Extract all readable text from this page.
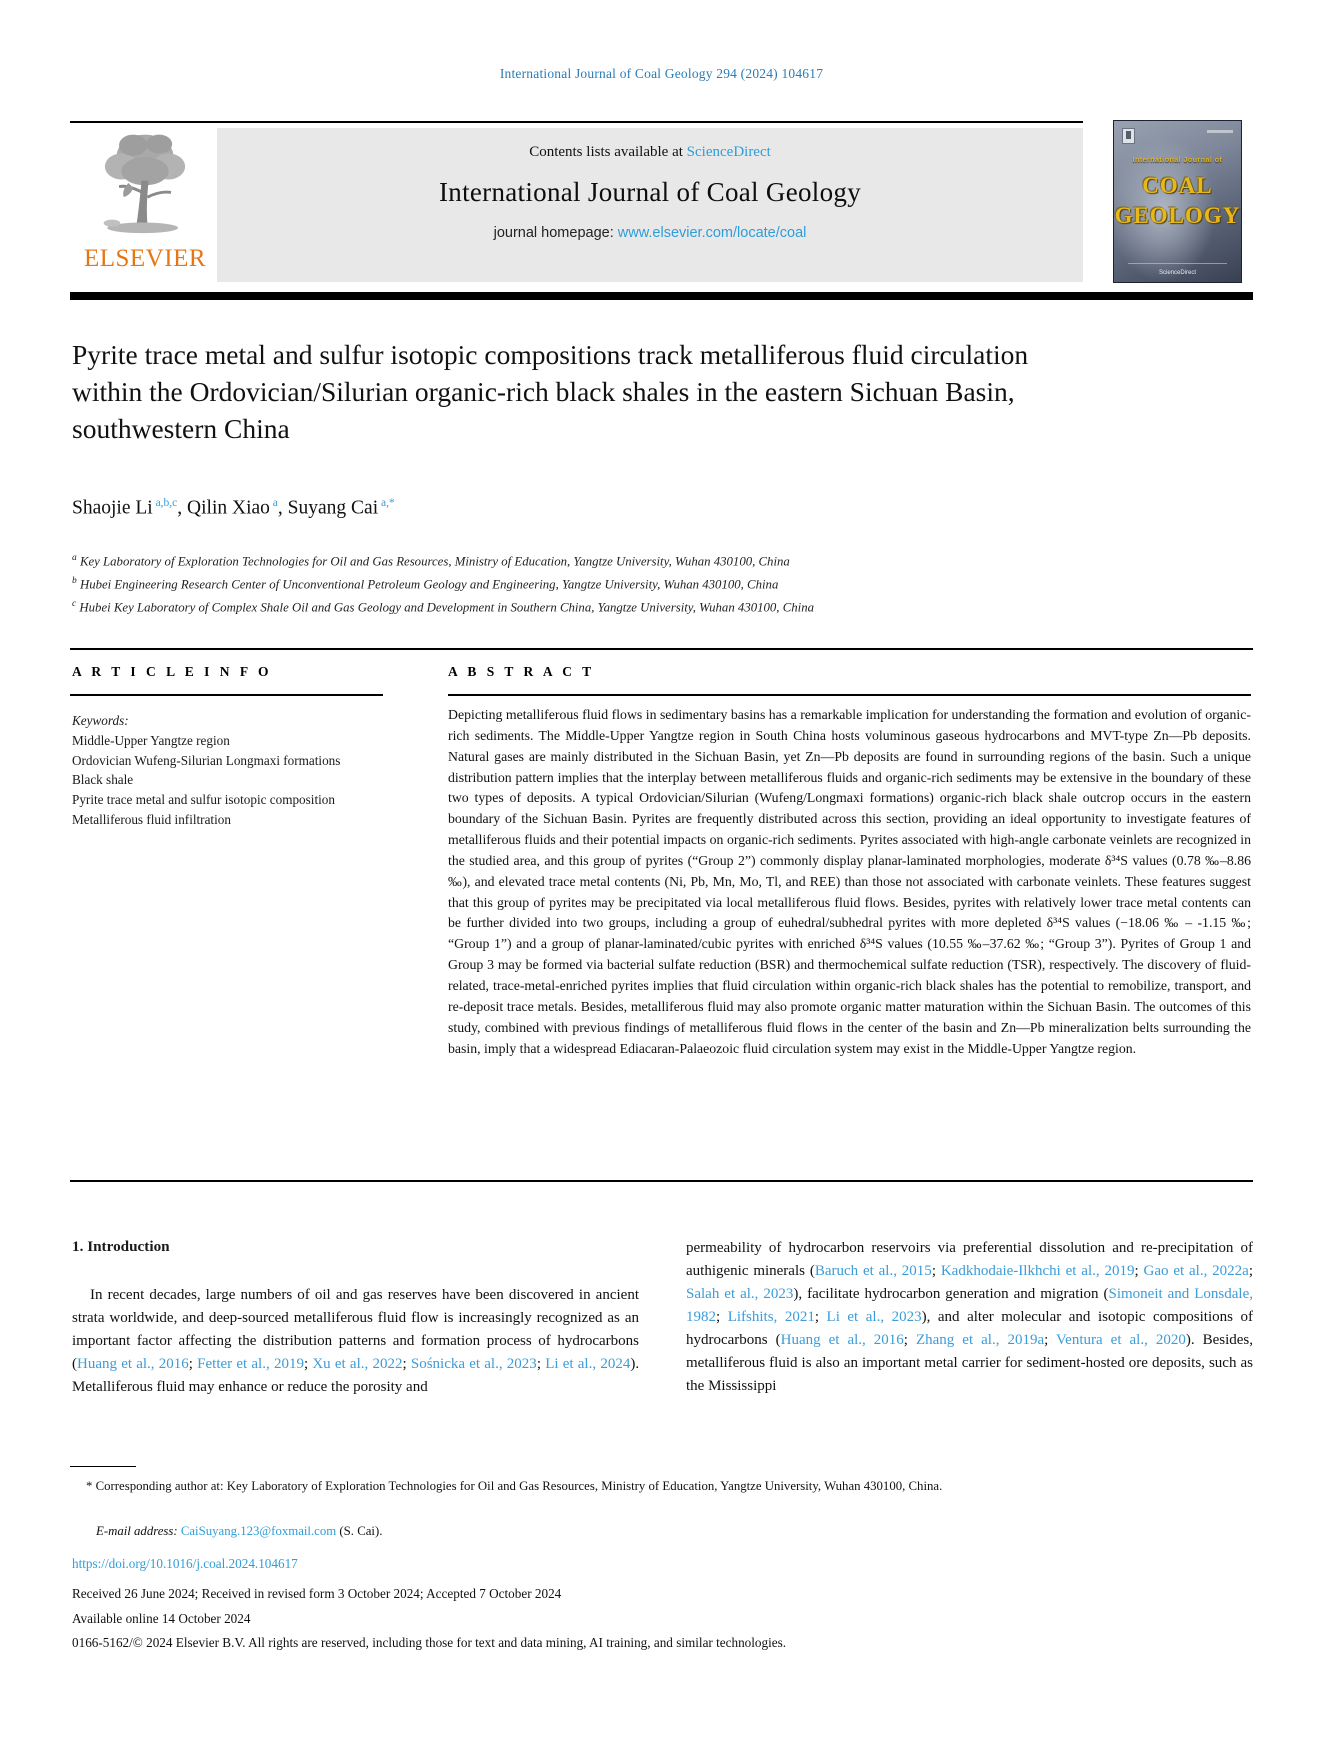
International Journal of Coal Geology 294 (2024) 104617
ELSEVIER
Contents lists available at ScienceDirect
International Journal of Coal Geology
journal homepage: www.elsevier.com/locate/coal
International Journal of
COAL
GEOLOGY
ScienceDirect
Pyrite trace metal and sulfur isotopic compositions track metalliferous fluid circulation within the Ordovician/Silurian organic-rich black shales in the eastern Sichuan Basin, southwestern China
Shaojie Li $^{a,b,c}$, Qilin Xiao $^a$, Suyang Cai $^{a,*}$
$^a$ Key Laboratory of Exploration Technologies for Oil and Gas Resources, Ministry of Education, Yangtze University, Wuhan 430100, China
$^b$ Hubei Engineering Research Center of Unconventional Petroleum Geology and Engineering, Yangtze University, Wuhan 430100, China
$^c$ Hubei Key Laboratory of Complex Shale Oil and Gas Geology and Development in Southern China, Yangtze University, Wuhan 430100, China
A R T I C L E I N F O	A B S T R A C T
Keywords:
Middle-Upper Yangtze region
Ordovician Wufeng-Silurian Longmaxi formations
Black shale
Pyrite trace metal and sulfur isotopic composition
Metalliferous fluid infiltration
Depicting metalliferous fluid flows in sedimentary basins has a remarkable implication for understanding the formation and evolution of organic-rich sediments. The Middle-Upper Yangtze region in South China hosts voluminous gaseous hydrocarbons and MVT-type Zn—Pb deposits. Natural gases are mainly distributed in the Sichuan Basin, yet Zn—Pb deposits are found in surrounding regions of the basin. Such a unique distribution pattern implies that the interplay between metalliferous fluids and organic-rich sediments may be extensive in the boundary of these two types of deposits. A typical Ordovician/Silurian (Wufeng/Longmaxi formations) organic-rich black shale outcrop occurs in the eastern boundary of the Sichuan Basin. Pyrites are frequently distributed across this section, providing an ideal opportunity to investigate features of metalliferous fluids and their potential impacts on organic-rich sediments. Pyrites associated with high-angle carbonate veinlets are recognized in the studied area, and this group of pyrites (“Group 2”) commonly display planar-laminated morphologies, moderate δ³⁴S values (0.78 ‰–8.86 ‰), and elevated trace metal contents (Ni, Pb, Mn, Mo, Tl, and REE) than those not associated with carbonate veinlets. These features suggest that this group of pyrites may be precipitated via local metalliferous fluid flows. Besides, pyrites with relatively lower trace metal contents can be further divided into two groups, including a group of euhedral/subhedral pyrites with more depleted δ³⁴S values (−18.06 ‰ – -1.15 ‰; “Group 1”) and a group of planar-laminated/cubic pyrites with enriched δ³⁴S values (10.55 ‰–37.62 ‰; “Group 3”). Pyrites of Group 1 and Group 3 may be formed via bacterial sulfate reduction (BSR) and thermochemical sulfate reduction (TSR), respectively. The discovery of fluid-related, trace-metal-enriched pyrites implies that fluid circulation within organic-rich black shales has the potential to remobilize, transport, and re-deposit trace metals. Besides, metalliferous fluid may also promote organic matter maturation within the Sichuan Basin. The outcomes of this study, combined with previous findings of metalliferous fluid flows in the center of the basin and Zn—Pb mineralization belts surrounding the basin, imply that a widespread Ediacaran-Palaeozoic fluid circulation system may exist in the Middle-Upper Yangtze region.
1. Introduction
In recent decades, large numbers of oil and gas reserves have been discovered in ancient strata worldwide, and deep-sourced metalliferous fluid flow is increasingly recognized as an important factor affecting the distribution patterns and formation process of hydrocarbons (Huang et al., 2016; Fetter et al., 2019; Xu et al., 2022; Sośnicka et al., 2023; Li et al., 2024). Metalliferous fluid may enhance or reduce the porosity and
permeability of hydrocarbon reservoirs via preferential dissolution and re-precipitation of authigenic minerals (Baruch et al., 2015; Kadkhodaie-Ilkhchi et al., 2019; Gao et al., 2022a; Salah et al., 2023), facilitate hydrocarbon generation and migration (Simoneit and Lonsdale, 1982; Lifshits, 2021; Li et al., 2023), and alter molecular and isotopic compositions of hydrocarbons (Huang et al., 2016; Zhang et al., 2019a; Ventura et al., 2020). Besides, metalliferous fluid is also an important metal carrier for sediment-hosted ore deposits, such as the Mississippi
* Corresponding author at: Key Laboratory of Exploration Technologies for Oil and Gas Resources, Ministry of Education, Yangtze University, Wuhan 430100, China.
E-mail address: CaiSuyang.123@foxmail.com (S. Cai).
https://doi.org/10.1016/j.coal.2024.104617
Received 26 June 2024; Received in revised form 3 October 2024; Accepted 7 October 2024
Available online 14 October 2024
0166-5162/© 2024 Elsevier B.V. All rights are reserved, including those for text and data mining, AI training, and similar technologies.
